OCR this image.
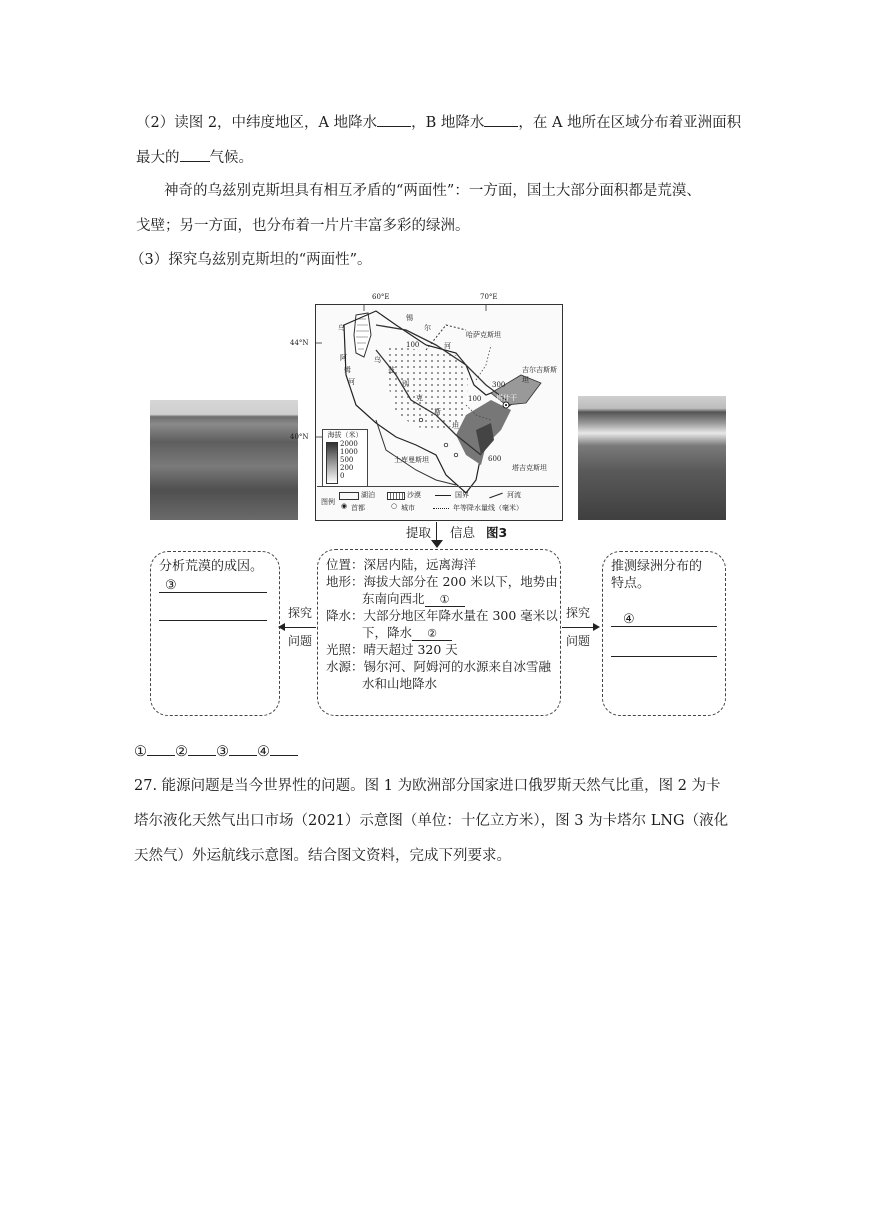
（2）读图 2，中纬度地区，A 地降水 ，B 地降水 ，在 A 地所在区域分布着亚洲面积
最大的 气候。
神奇的乌兹别克斯坦具有相互矛盾的“两面性”：一方面，国土大部分面积都是荒漠、
戈壁；另一方面，也分布着一片片丰富多彩的绿洲。
（3）探究乌兹别克斯坦的“两面性”。
60°E	70°E
44°N
40°N
哈萨克斯坦
吉尔吉斯斯坦
土库曼斯坦
塔吉克斯坦
塔什干
乌
阿
姆
河
锡
尔
河
乌
兹
别
克
斯
坦
100
100
300
600
海拔（米）
2000
1000
500
200
0
图例
湖泊	沙漠	国界	河流
◉ 首都	○ 城市	年等降水量线（毫米）
提取 信息 图3
位置：深居内陆，远离海洋
地形：海拔大部分在 200 米以下，地势由
东南向西北 ①
降水：大部分地区年降水量在 300 毫米以
下，降水 ②
光照：晴天超过 320 天
水源：锡尔河、阿姆河的水源来自冰雪融
水和山地降水
分析荒漠的成因。
③
推测绿洲分布的
特点。
④
探究
问题
探究
问题
① ② ③ ④
27. 能源问题是当今世界性的问题。图 1 为欧洲部分国家进口俄罗斯天然气比重，图 2 为卡
塔尔液化天然气出口市场（2021）示意图（单位：十亿立方米），图 3 为卡塔尔 LNG（液化
天然气）外运航线示意图。结合图文资料，完成下列要求。
